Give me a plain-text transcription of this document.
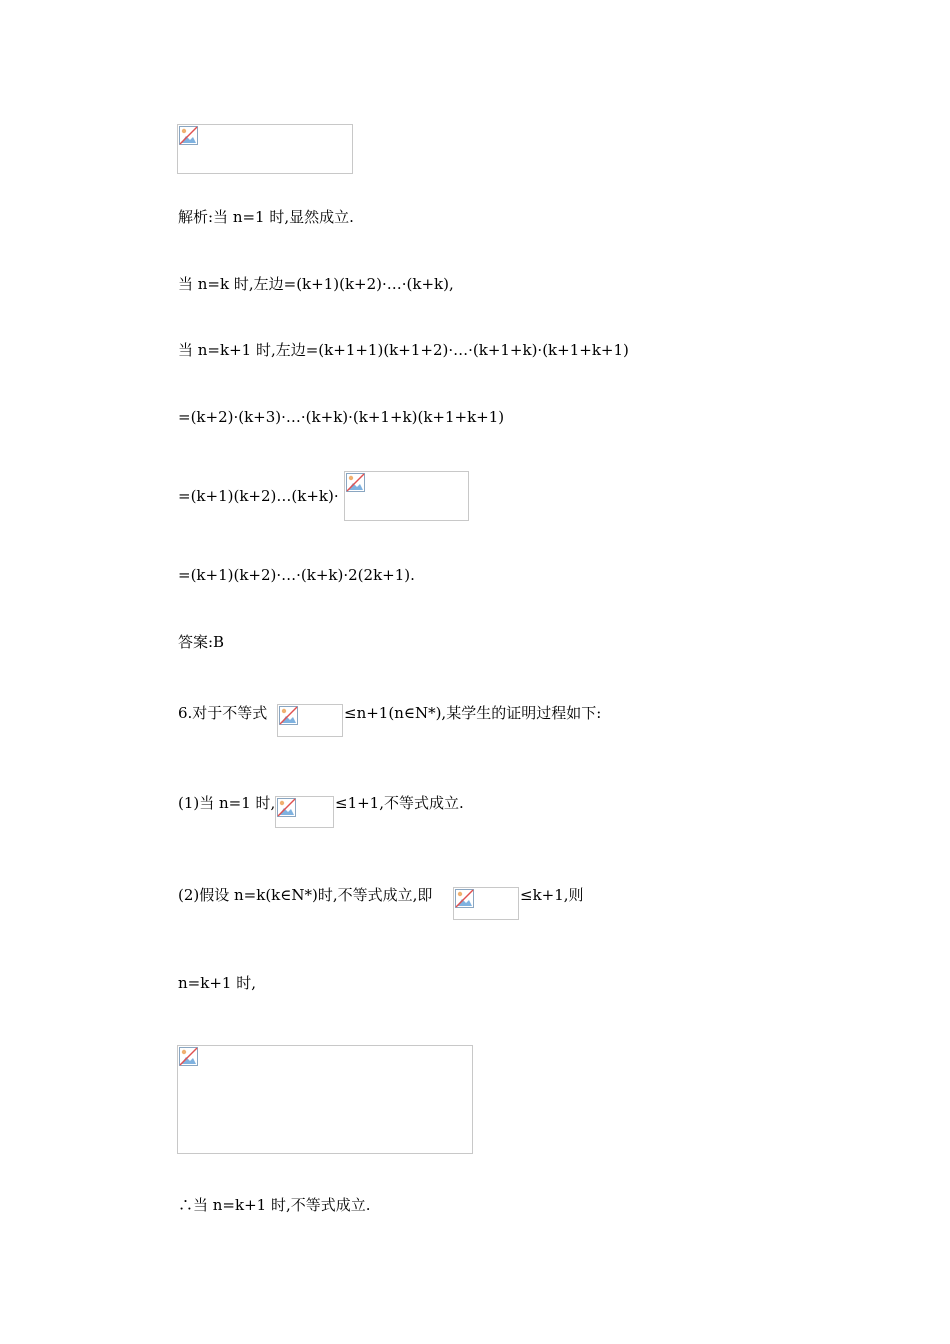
解析:当 n=1 时,显然成立.
当 n=k 时,左边=(k+1)(k+2)·…·(k+k),
当 n=k+1 时,左边=(k+1+1)(k+1+2)·…·(k+1+k)·(k+1+k+1)
=(k+2)·(k+3)·…·(k+k)·(k+1+k)(k+1+k+1)
=(k+1)(k+2)…(k+k)·
=(k+1)(k+2)·…·(k+k)·2(2k+1).
答案:B
6.对于不等式	≤n+1(n∈N*),某学生的证明过程如下:
(1)当 n=1 时,	≤1+1,不等式成立.
(2)假设 n=k(k∈N*)时,不等式成立,即	≤k+1,则
n=k+1 时,
∴当 n=k+1 时,不等式成立.
